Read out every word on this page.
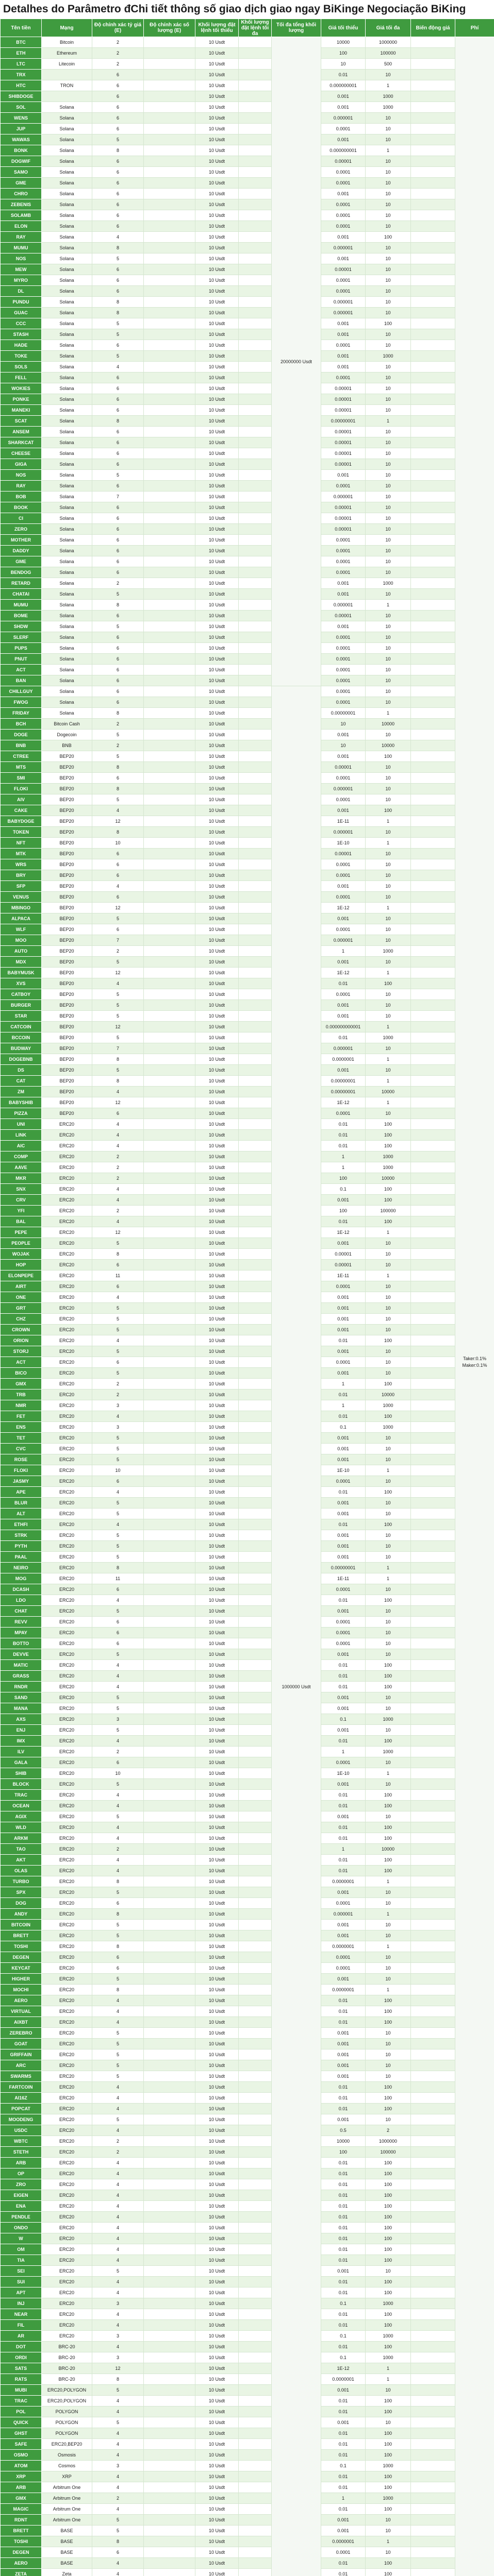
Detalhes do Parâmetro đChi tiết thông số giao dịch giao ngay BiKinge Negociação BiKing
Tên tiền	Mạng	Độ chính xác tỷ giá (E)	Độ chính xác số lượng (E)	Khối lượng đặt lệnh tối thiểu	Khối lượng đặt lệnh tối đa	Tối đa tổng khối lượng	Giá tối thiểu	Giá tối đa	Biến động giá	Phí
BTC	Bitcoin	2		10 Usdt		20000000 Usdt	10000	1000000		Taker:0.1%
Maker:0.1%

ETH	Ethereum	2		10 Usdt			100	100000		
LTC	Litecoin	2		10 Usdt			10	500		
TRX		6		10 Usdt			0.01	10		
HTC	TRON	6		10 Usdt			0.000000001	1		
SHIBDOGE		6		10 Usdt			0.001	1000		
SOL	Solana	6		10 Usdt			0.001	1000		
WENS	Solana	6		10 Usdt			0.000001	10		
JUP	Solana	6		10 Usdt			0.0001	10		
WAWAS	Solana	5		10 Usdt			0.001	10		
BONK	Solana	8		10 Usdt			0.000000001	1		
DOGWIF	Solana	6		10 Usdt			0.00001	10		
SAMO	Solana	6		10 Usdt			0.0001	10		
GME	Solana	6		10 Usdt			0.0001	10		
CHRO	Solana	6		10 Usdt			0.001	10		
ZEBENIS	Solana	6		10 Usdt			0.0001	10		
SOLAMB	Solana	6		10 Usdt			0.0001	10		
ELON	Solana	6		10 Usdt			0.0001	10		
RAY	Solana	4		10 Usdt			0.001	100		
MUMU	Solana	8		10 Usdt			0.000001	10		
NOS	Solana	5		10 Usdt			0.001	10		
MEW	Solana	6		10 Usdt			0.00001	10		
MYRO	Solana	6		10 Usdt			0.0001	10		
DL	Solana	6		10 Usdt			0.0001	10		
PUNDU	Solana	8		10 Usdt			0.000001	10		
GUAC	Solana	8		10 Usdt			0.000001	10		
CCC	Solana	5		10 Usdt			0.001	100		
STASH	Solana	5		10 Usdt			0.001	10		
HADE	Solana	6		10 Usdt			0.0001	10		
TOKE	Solana	5		10 Usdt			0.001	1000		
SOLS	Solana	4		10 Usdt			0.001	10		
FELL	Solana	6		10 Usdt			0.0001	10		
WOKIES	Solana	6		10 Usdt			0.00001	10		
PONKE	Solana	6		10 Usdt			0.00001	10		
MANEKI	Solana	6		10 Usdt			0.00001	10		
SCAT	Solana	8		10 Usdt			0.00000001	1		
ANSEM	Solana	6		10 Usdt			0.00001	10		
SHARKCAT	Solana	6		10 Usdt			0.00001	10		
CHEESE	Solana	6		10 Usdt			0.00001	10		
GIGA	Solana	6		10 Usdt			0.00001	10		
NOS	Solana	5		10 Usdt			0.001	10		
RAY	Solana	6		10 Usdt			0.0001	10		
BOB	Solana	7		10 Usdt			0.000001	10		
BOOK	Solana	6		10 Usdt			0.00001	10		
CI	Solana	6		10 Usdt			0.00001	10		
ZERO	Solana	6		10 Usdt			0.00001	10		
MOTHER	Solana	6		10 Usdt			0.0001	10		
DADDY	Solana	6		10 Usdt			0.0001	10		
GME	Solana	6		10 Usdt			0.0001	10		
BENDOG	Solana	6		10 Usdt			0.0001	10		
RETARD	Solana	2		10 Usdt			0.001	1000		
CHATAI	Solana	5		10 Usdt			0.001	10		
MUMU	Solana	8		10 Usdt			0.000001	1		
BOME	Solana	6		10 Usdt			0.00001	10		
SHDW	Solana	5		10 Usdt			0.001	10		
SLERF	Solana	6		10 Usdt			0.0001	10		
PUPS	Solana	6		10 Usdt			0.0001	10		
PNUT	Solana	6		10 Usdt			0.0001	10		
ACT	Solana	6		10 Usdt			0.0001	10		
BAN	Solana	6		10 Usdt			0.0001	10		
CHILLGUY	Solana	6		10 Usdt		1000000 Usdt	0.0001	10		
FWOG	Solana	6		10 Usdt			0.0001	10		
FRIDAY	Solana	8		10 Usdt			0.00000001	1		
BCH	Bitcoin Cash	2		10 Usdt			10	10000		
DOGE	Dogecoin	5		10 Usdt			0.001	10		
BNB	BNB	2		10 Usdt			10	10000		
CTREE	BEP20	5		10 Usdt			0.001	100		
MTS	BEP20	8		10 Usdt			0.00001	10		
SMI	BEP20	6		10 Usdt			0.0001	10		
FLOKI	BEP20	8		10 Usdt			0.000001	10		
AIV	BEP20	5		10 Usdt			0.0001	10		
CAKE	BEP20	4		10 Usdt			0.001	100		
BABYDOGE	BEP20	12		10 Usdt			1E-11	1		
TOKEN	BEP20	8		10 Usdt			0.000001	10		
NFT	BEP20	10		10 Usdt			1E-10	1		
MTK	BEP20	6		10 Usdt			0.00001	10		
WRS	BEP20	6		10 Usdt			0.0001	10		
BRY	BEP20	6		10 Usdt			0.0001	10		
SFP	BEP20	4		10 Usdt			0.001	10		
VENUS	BEP20	6		10 Usdt			0.0001	10		
MBINGO	BEP20	12		10 Usdt			1E-12	1		
ALPACA	BEP20	5		10 Usdt			0.001	10		
WLF	BEP20	6		10 Usdt			0.0001	10		
MOO	BEP20	7		10 Usdt			0.000001	10		
AUTO	BEP20	2		10 Usdt			1	1000		
MDX	BEP20	5		10 Usdt			0.001	10		
BABYMUSK	BEP20	12		10 Usdt			1E-12	1		
XVS	BEP20	4		10 Usdt			0.01	100		
CATBOY	BEP20	5		10 Usdt			0.0001	10		
BURGER	BEP20	5		10 Usdt			0.001	10		
STAR	BEP20	5		10 Usdt			0.001	10		
CATCOIN	BEP20	12		10 Usdt			0.000000000001	1		
BCCOIN	BEP20	5		10 Usdt			0.01	1000		
BUDWAY	BEP20	7		10 Usdt			0.000001	10		
DOGEBNB	BEP20	8		10 Usdt			0.0000001	1		
DS	BEP20	5		10 Usdt			0.001	10		
CAT	BEP20	8		10 Usdt			0.00000001	1		
ZM	BEP20	4		10 Usdt			0.00000001	10000		
BABYSHIB	BEP20	12		10 Usdt			1E-12	1		
PIZZA	BEP20	6		10 Usdt			0.0001	10		
UNI	ERC20	4		10 Usdt			0.01	100		
LINK	ERC20	4		10 Usdt			0.01	100		
AIC	ERC20	4		10 Usdt			0.01	100		
COMP	ERC20	2		10 Usdt			1	1000		
AAVE	ERC20	2		10 Usdt			1	1000		
MKR	ERC20	2		10 Usdt			100	10000		
SNX	ERC20	4		10 Usdt			0.1	100		
CRV	ERC20	4		10 Usdt			0.001	100		
YFI	ERC20	2		10 Usdt			100	100000		
BAL	ERC20	4		10 Usdt			0.01	100		
PEPE	ERC20	12		10 Usdt			1E-12	1		
PEOPLE	ERC20	5		10 Usdt			0.001	10		
WOJAK	ERC20	8		10 Usdt			0.00001	10		
HOP	ERC20	6		10 Usdt			0.00001	10		
ELONPEPE	ERC20	11		10 Usdt			1E-11	1		
AIRT	ERC20	6		10 Usdt			0.0001	10		
ONE	ERC20	4		10 Usdt			0.001	10		
GRT	ERC20	5		10 Usdt			0.001	10		
CHZ	ERC20	5		10 Usdt			0.001	10		
CROWN	ERC20	5		10 Usdt			0.001	10		
ORION	ERC20	4		10 Usdt			0.01	100		
STORJ	ERC20	5		10 Usdt			0.001	10		
ACT	ERC20	6		10 Usdt			0.0001	10		
BICO	ERC20	5		10 Usdt			0.001	10		
GMX	ERC20	2		10 Usdt			1	100		
TRB	ERC20	2		10 Usdt			0.01	10000		
NMR	ERC20	3		10 Usdt			1	1000		
FET	ERC20	4		10 Usdt			0.01	100		
ENS	ERC20	3		10 Usdt			0.1	1000		
TET	ERC20	5		10 Usdt			0.001	10		
CVC	ERC20	5		10 Usdt			0.001	10		
ROSE	ERC20	5		10 Usdt			0.001	10		
FLOKI	ERC20	10		10 Usdt			1E-10	1		
JASMY	ERC20	6		10 Usdt			0.0001	10		
APE	ERC20	4		10 Usdt			0.01	100		
BLUR	ERC20	5		10 Usdt			0.001	10		
ALT	ERC20	5		10 Usdt			0.001	10		
ETHFI	ERC20	4		10 Usdt			0.01	100		
STRK	ERC20	5		10 Usdt			0.001	10		
PYTH	ERC20	5		10 Usdt			0.001	10		
PAAL	ERC20	5		10 Usdt			0.001	10		
NEIRO	ERC20	8		10 Usdt			0.00000001	1		
MOG	ERC20	11		10 Usdt			1E-11	1		
DCASH	ERC20	6		10 Usdt			0.0001	10		
LDO	ERC20	4		10 Usdt			0.01	100		
CHAT	ERC20	5		10 Usdt			0.001	10		
REVV	ERC20	6		10 Usdt			0.0001	10		
MPAY	ERC20	6		10 Usdt			0.0001	10		
BOTTO	ERC20	6		10 Usdt			0.0001	10		
DEVVE	ERC20	5		10 Usdt			0.001	10		
MATIC	ERC20	4		10 Usdt			0.01	100		
GRASS	ERC20	4		10 Usdt			0.01	100		
RNDR	ERC20	4		10 Usdt			0.01	100		
SAND	ERC20	5		10 Usdt			0.001	10		
MANA	ERC20	5		10 Usdt			0.001	10		
AXS	ERC20	3		10 Usdt			0.1	1000		
ENJ	ERC20	5		10 Usdt			0.001	10		
IMX	ERC20	4		10 Usdt			0.01	100		
ILV	ERC20	2		10 Usdt			1	1000		
GALA	ERC20	6		10 Usdt			0.0001	10		
SHIB	ERC20	10		10 Usdt			1E-10	1		
BLOCK	ERC20	5		10 Usdt			0.001	10		
TRAC	ERC20	4		10 Usdt			0.01	100		
OCEAN	ERC20	4		10 Usdt			0.01	100		
AGIX	ERC20	5		10 Usdt			0.001	10		
WLD	ERC20	4		10 Usdt			0.01	100		
ARKM	ERC20	4		10 Usdt			0.01	100		
TAO	ERC20	2		10 Usdt			1	10000		
AKT	ERC20	4		10 Usdt			0.01	100		
OLAS	ERC20	4		10 Usdt			0.01	100		
TURBO	ERC20	8		10 Usdt			0.0000001	1		
SPX	ERC20	5		10 Usdt			0.001	10		
DOG	ERC20	6		10 Usdt			0.0001	10		
ANDY	ERC20	8		10 Usdt			0.000001	1		
BITCOIN	ERC20	5		10 Usdt			0.001	10		
BRETT	ERC20	5		10 Usdt			0.001	10		
TOSHI	ERC20	8		10 Usdt			0.0000001	1		
DEGEN	ERC20	6		10 Usdt			0.0001	10		
KEYCAT	ERC20	6		10 Usdt			0.0001	10		
HIGHER	ERC20	5		10 Usdt			0.001	10		
MOCHI	ERC20	8		10 Usdt			0.0000001	1		
AERO	ERC20	4		10 Usdt			0.01	100		
VIRTUAL	ERC20	4		10 Usdt			0.01	100		
AIXBT	ERC20	4		10 Usdt			0.01	100		
ZEREBRO	ERC20	5		10 Usdt			0.001	10		
GOAT	ERC20	5		10 Usdt			0.001	10		
GRIFFAIN	ERC20	5		10 Usdt			0.001	10		
ARC	ERC20	5		10 Usdt			0.001	10		
SWARMS	ERC20	5		10 Usdt			0.001	10		
FARTCOIN	ERC20	4		10 Usdt			0.01	100		
AI16Z	ERC20	4		10 Usdt			0.01	100		
POPCAT	ERC20	4		10 Usdt			0.01	100		
MOODENG	ERC20	5		10 Usdt			0.001	10		
USDC	ERC20	4		10 Usdt			0.5	2		
WBTC	ERC20	2		10 Usdt			10000	1000000		
STETH	ERC20	2		10 Usdt			100	100000		
ARB	ERC20	4		10 Usdt			0.01	100		
OP	ERC20	4		10 Usdt			0.01	100		
ZRO	ERC20	4		10 Usdt			0.01	100		
EIGEN	ERC20	4		10 Usdt			0.01	100		
ENA	ERC20	4		10 Usdt			0.01	100		
PENDLE	ERC20	4		10 Usdt			0.01	100		
ONDO	ERC20	4		10 Usdt			0.01	100		
W	ERC20	4		10 Usdt			0.01	100		
OM	ERC20	4		10 Usdt			0.01	100		
TIA	ERC20	4		10 Usdt			0.01	100		
SEI	ERC20	5		10 Usdt			0.001	10		
SUI	ERC20	4		10 Usdt			0.01	100		
APT	ERC20	4		10 Usdt			0.01	100		
INJ	ERC20	3		10 Usdt			0.1	1000		
NEAR	ERC20	4		10 Usdt			0.01	100		
FIL	ERC20	4		10 Usdt			0.01	100		
AR	ERC20	3		10 Usdt			0.1	1000		
DOT	BRC-20	4		10 Usdt			0.01	100		
ORDI	BRC-20	3		10 Usdt			0.1	1000		
SATS	BRC-20	12		10 Usdt			1E-12	1		
RATS	BRC-20	8		10 Usdt			0.0000001	1		
MUBI	ERC20,POLYGON	5		10 Usdt			0.001	10		
TRAC	ERC20,POLYGON	4		10 Usdt			0.01	100		
POL	POLYGON	4		10 Usdt			0.01	100		
QUICK	POLYGON	5		10 Usdt			0.001	10		
GHST	POLYGON	4		10 Usdt			0.01	100		
SAFE	ERC20,BEP20	4		10 Usdt			0.01	100		
OSMO	Osmosis	4		10 Usdt			0.01	100		
ATOM	Cosmos	3		10 Usdt			0.1	1000		
XRP	XRP	4		10 Usdt			0.01	100		
ARB	Arbitrum One	4		10 Usdt			0.01	100		
GMX	Arbitrum One	2		10 Usdt			1	1000		
MAGIC	Arbitrum One	4		10 Usdt			0.01	100		
RDNT	Arbitrum One	5		10 Usdt			0.001	10		
BRETT	BASE	5		10 Usdt			0.001	10		
TOSHI	BASE	8		10 Usdt			0.0000001	1		
DEGEN	BASE	6		10 Usdt			0.0001	10		
AERO	BASE	4		10 Usdt			0.01	100		
ZETA	Zeta	4		10 Usdt			0.01	100		
